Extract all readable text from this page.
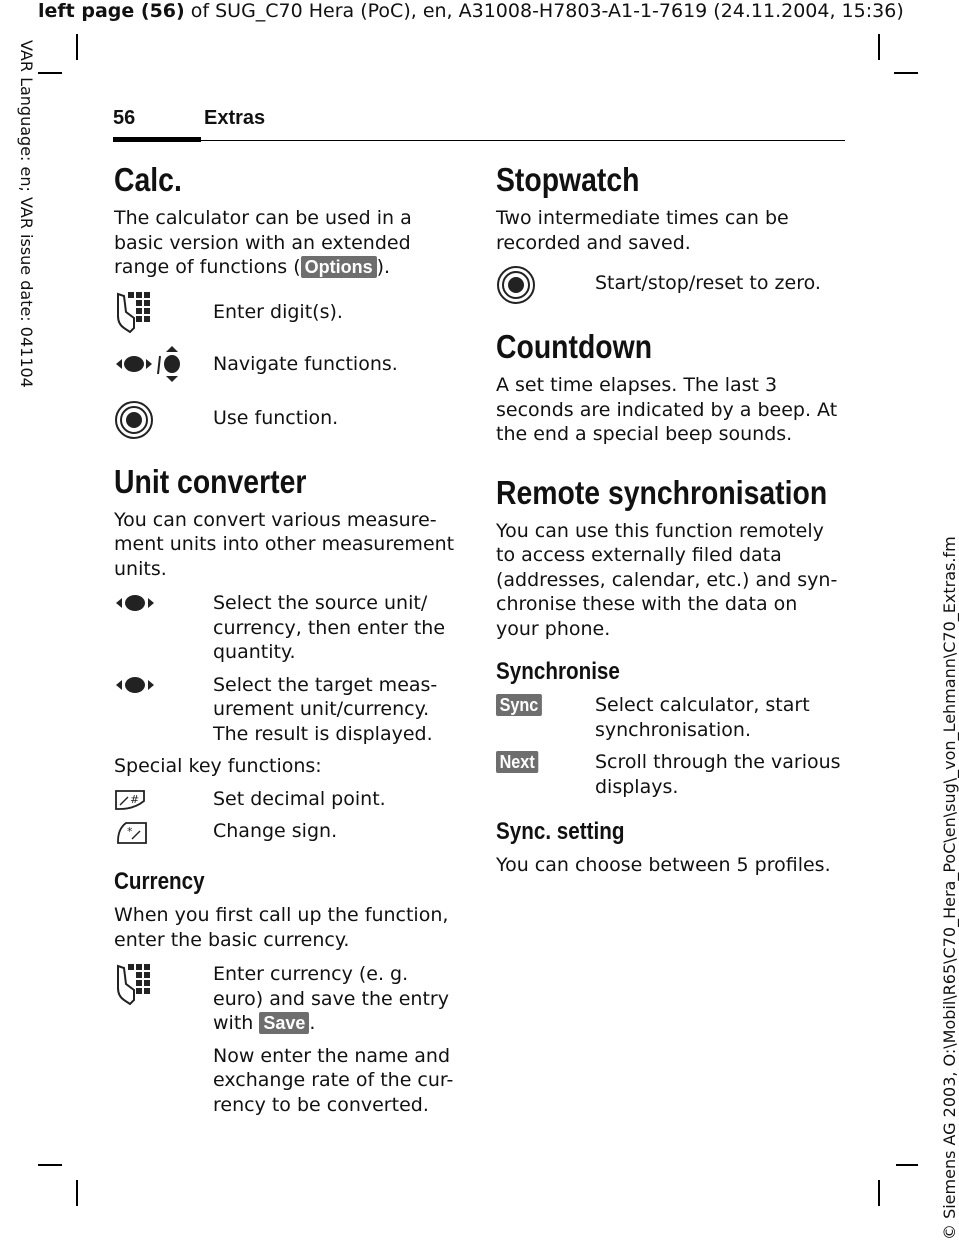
left page (56) of SUG_C70 Hera (PoC), en, A31008-H7803-A1-1-7619 (24.11.2004, 15:36)
VAR Language: en; VAR issue date: 041104
© Siemens AG 2003, O:\Mobil\R65\C70_Hera_PoC\en\sug\_von_Lehmann\C70_Extras.fm
56	Extras
Calc.

The calculator can be used in a basic version with an extended range of functions ( Options ).

Enter digit(s).
Navigate functions.
Use function.
Unit converter

You can convert various measure-ment units into other measurement units.

Select the source unit/ currency, then enter the quantity.
Select the target meas-urement unit/currency. The result is displayed.

Special key functions:

#	Set decimal point.
*	Change sign.
Currency

When you first call up the function, enter the basic currency.

Enter currency (e. g. euro) and save the entry with Save .
Now enter the name and exchange rate of the cur-rency to be converted.
Stopwatch

Two intermediate times can be recorded and saved.

Start/stop/reset to zero.
Countdown

A set time elapses. The last 3 seconds are indicated by a beep. At the end a special beep sounds.

Remote synchronisation

You can use this function remotely to access externally filed data (addresses, calendar, etc.) and syn-chronise these with the data on your phone.

Synchronise
Sync	Select calculator, start synchronisation.
Next	Scroll through the various displays.
Sync. setting

You can choose between 5 profiles.
